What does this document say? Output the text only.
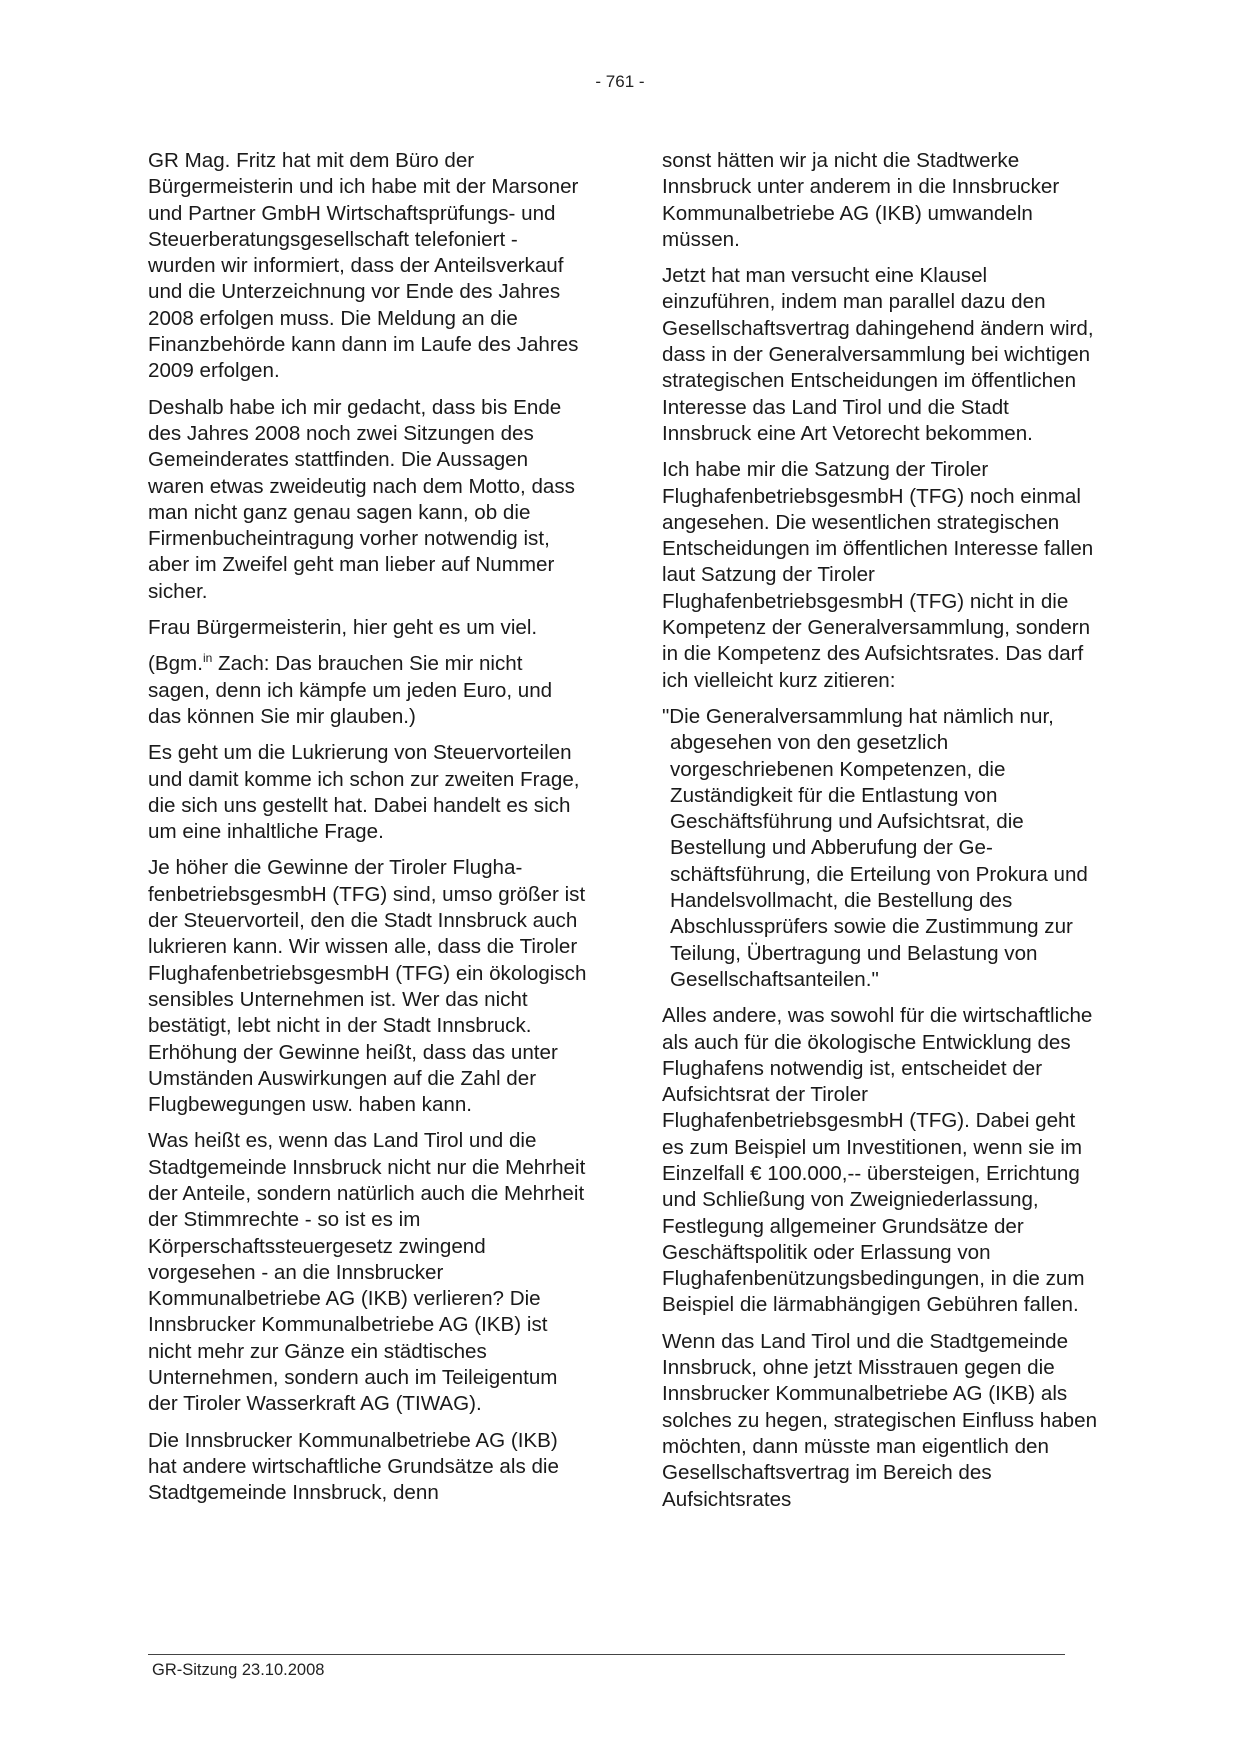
- 761 -

GR Mag. Fritz hat mit dem Büro der Bürgermeisterin und ich habe mit der Marsoner und Partner GmbH Wirtschaftsprüfungs- und Steuerberatungsgesellschaft telefoniert - wurden wir informiert, dass der Anteilsverkauf und die Unterzeichnung vor Ende des Jahres 2008 erfolgen muss. Die Meldung an die Finanzbehörde kann dann im Laufe des Jahres 2009 erfolgen.

Deshalb habe ich mir gedacht, dass bis Ende des Jahres 2008 noch zwei Sitzungen des Gemeinderates stattfinden. Die Aussagen waren etwas zweideutig nach dem Motto, dass man nicht ganz genau sagen kann, ob die Firmenbucheintragung vorher notwendig ist, aber im Zweifel geht man lieber auf Nummer sicher.

Frau Bürgermeisterin, hier geht es um viel.

(Bgm.$^{in}$ Zach: Das brauchen Sie mir nicht sagen, denn ich kämpfe um jeden Euro, und das können Sie mir glauben.)

Es geht um die Lukrierung von Steuervorteilen und damit komme ich schon zur zweiten Frage, die sich uns gestellt hat. Dabei handelt es sich um eine inhaltliche Frage.

Je höher die Gewinne der Tiroler FlughafenbetriebsgesmbH (TFG) sind, umso größer ist der Steuervorteil, den die Stadt Innsbruck auch lukrieren kann. Wir wissen alle, dass die Tiroler FlughafenbetriebsgesmbH (TFG) ein ökologisch sensibles Unternehmen ist. Wer das nicht bestätigt, lebt nicht in der Stadt Innsbruck. Erhöhung der Gewinne heißt, dass das unter Umständen Auswirkungen auf die Zahl der Flugbewegungen usw. haben kann.

Was heißt es, wenn das Land Tirol und die Stadtgemeinde Innsbruck nicht nur die Mehrheit der Anteile, sondern natürlich auch die Mehrheit der Stimmrechte - so ist es im Körperschaftssteuergesetz zwingend vorgesehen - an die Innsbrucker Kommunalbetriebe AG (IKB) verlieren? Die Innsbrucker Kommunalbetriebe AG (IKB) ist nicht mehr zur Gänze ein städtisches Unternehmen, sondern auch im Teileigentum der Tiroler Wasserkraft AG (TIWAG).

Die Innsbrucker Kommunalbetriebe AG (IKB) hat andere wirtschaftliche Grundsätze als die Stadtgemeinde Innsbruck, denn

sonst hätten wir ja nicht die Stadtwerke Innsbruck unter anderem in die Innsbrucker Kommunalbetriebe AG (IKB) umwandeln müssen.

Jetzt hat man versucht eine Klausel einzuführen, indem man parallel dazu den Gesellschaftsvertrag dahingehend ändern wird, dass in der Generalversammlung bei wichtigen strategischen Entscheidungen im öffentlichen Interesse das Land Tirol und die Stadt Innsbruck eine Art Vetorecht bekommen.

Ich habe mir die Satzung der Tiroler FlughafenbetriebsgesmbH (TFG) noch einmal angesehen. Die wesentlichen strategischen Entscheidungen im öffentlichen Interesse fallen laut Satzung der Tiroler FlughafenbetriebsgesmbH (TFG) nicht in die Kompetenz der Generalversammlung, sondern in die Kompetenz des Aufsichtsrates. Das darf ich vielleicht kurz zitieren:

"Die Generalversammlung hat nämlich nur, abgesehen von den gesetzlich vorgeschriebenen Kompetenzen, die Zuständigkeit für die Entlastung von Geschäftsführung und Aufsichtsrat, die Bestellung und Abberufung der Geschäftsführung, die Erteilung von Prokura und Handelsvollmacht, die Bestellung des Abschlussprüfers sowie die Zustimmung zur Teilung, Übertragung und Belastung von Gesellschaftsanteilen."

Alles andere, was sowohl für die wirtschaftliche als auch für die ökologische Entwicklung des Flughafens notwendig ist, entscheidet der Aufsichtsrat der Tiroler FlughafenbetriebsgesmbH (TFG). Dabei geht es zum Beispiel um Investitionen, wenn sie im Einzelfall € 100.000,-- übersteigen, Errichtung und Schließung von Zweigniederlassung, Festlegung allgemeiner Grundsätze der Geschäftspolitik oder Erlassung von Flughafenbenützungsbedingungen, in die zum Beispiel die lärmabhängigen Gebühren fallen.

Wenn das Land Tirol und die Stadtgemeinde Innsbruck, ohne jetzt Misstrauen gegen die Innsbrucker Kommunalbetriebe AG (IKB) als solches zu hegen, strategischen Einfluss haben möchten, dann müsste man eigentlich den Gesellschaftsvertrag im Bereich des Aufsichtsrates

GR-Sitzung 23.10.2008
